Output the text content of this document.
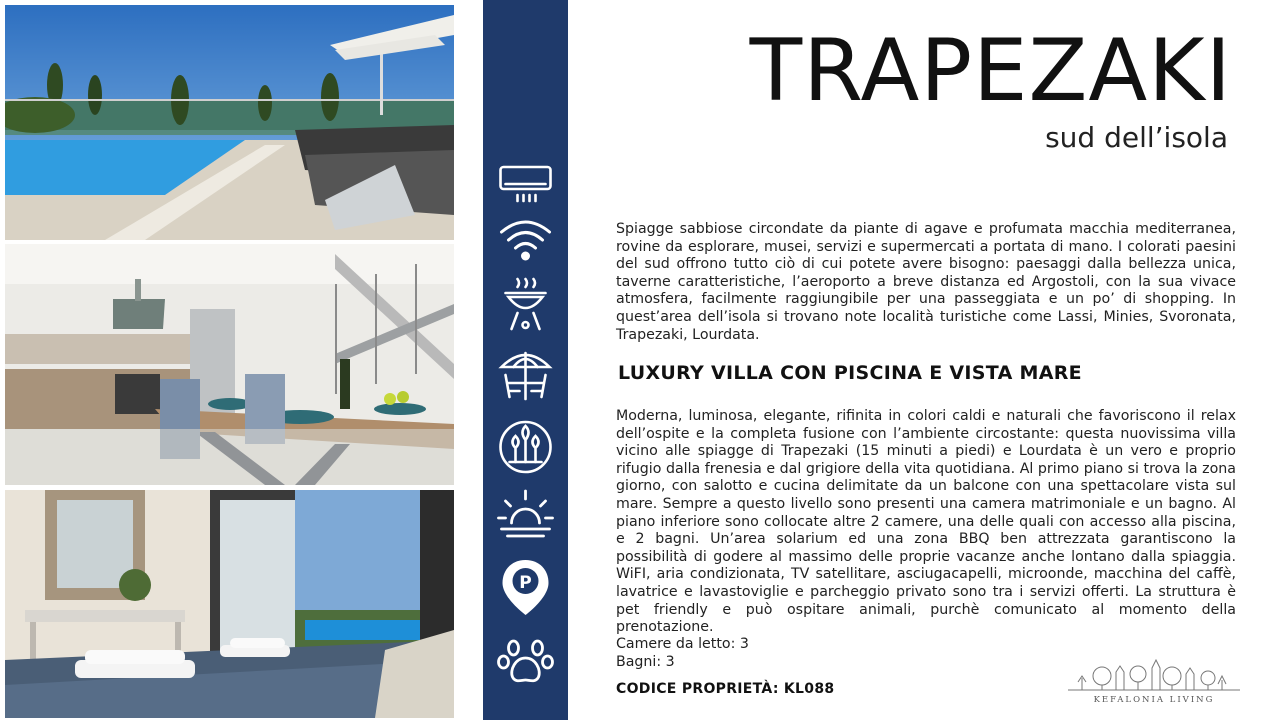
P
TRAPEZAKI
sud dell’isola

Spiagge sabbiose circondate da piante di agave e profumata macchia mediterranea, rovine da esplorare, musei, servizi e supermercati a portata di mano. I colorati paesini del sud offrono tutto ciò di cui potete avere bisogno: paesaggi dalla bellezza unica, taverne caratteristiche, l’aeroporto a breve distanza ed Argostoli, con la sua vivace atmosfera, facilmente raggiungibile per una passeggiata e un po’ di shopping. In quest’area dell’isola si trovano note località turistiche come Lassi, Minies, Svoronata, Trapezaki, Lourdata.

LUXURY VILLA CON PISCINA E VISTA MARE

Moderna, luminosa, elegante, rifinita in colori caldi e naturali che favoriscono il relax dell’ospite e la completa fusione con l’ambiente circostante: questa nuovissima villa vicino alle spiagge di Trapezaki (15 minuti a piedi) e Lourdata è un vero e proprio rifugio dalla frenesia e dal grigiore della vita quotidiana. Al primo piano si trova la zona giorno, con salotto e cucina delimitate da un balcone con una spettacolare vista sul mare. Sempre a questo livello sono presenti una camera matrimoniale e un bagno. Al piano inferiore sono collocate altre 2 camere, una delle quali con accesso alla piscina, e 2 bagni. Un’area solarium ed una zona BBQ ben attrezzata garantiscono la possibilità di godere al massimo delle proprie vacanze anche lontano dalla spiaggia. WiFI, aria condizionata, TV satellitare, asciugacapelli, microonde, macchina del caffè, lavatrice e lavastoviglie e parcheggio privato sono tra i servizi offerti. La struttura è pet friendly e può ospitare animali, purchè comunicato al momento della prenotazione.

Camere da letto: 3
Bagni: 3
CODICE PROPRIETÀ: KL088
KEFALONIA LIVING
